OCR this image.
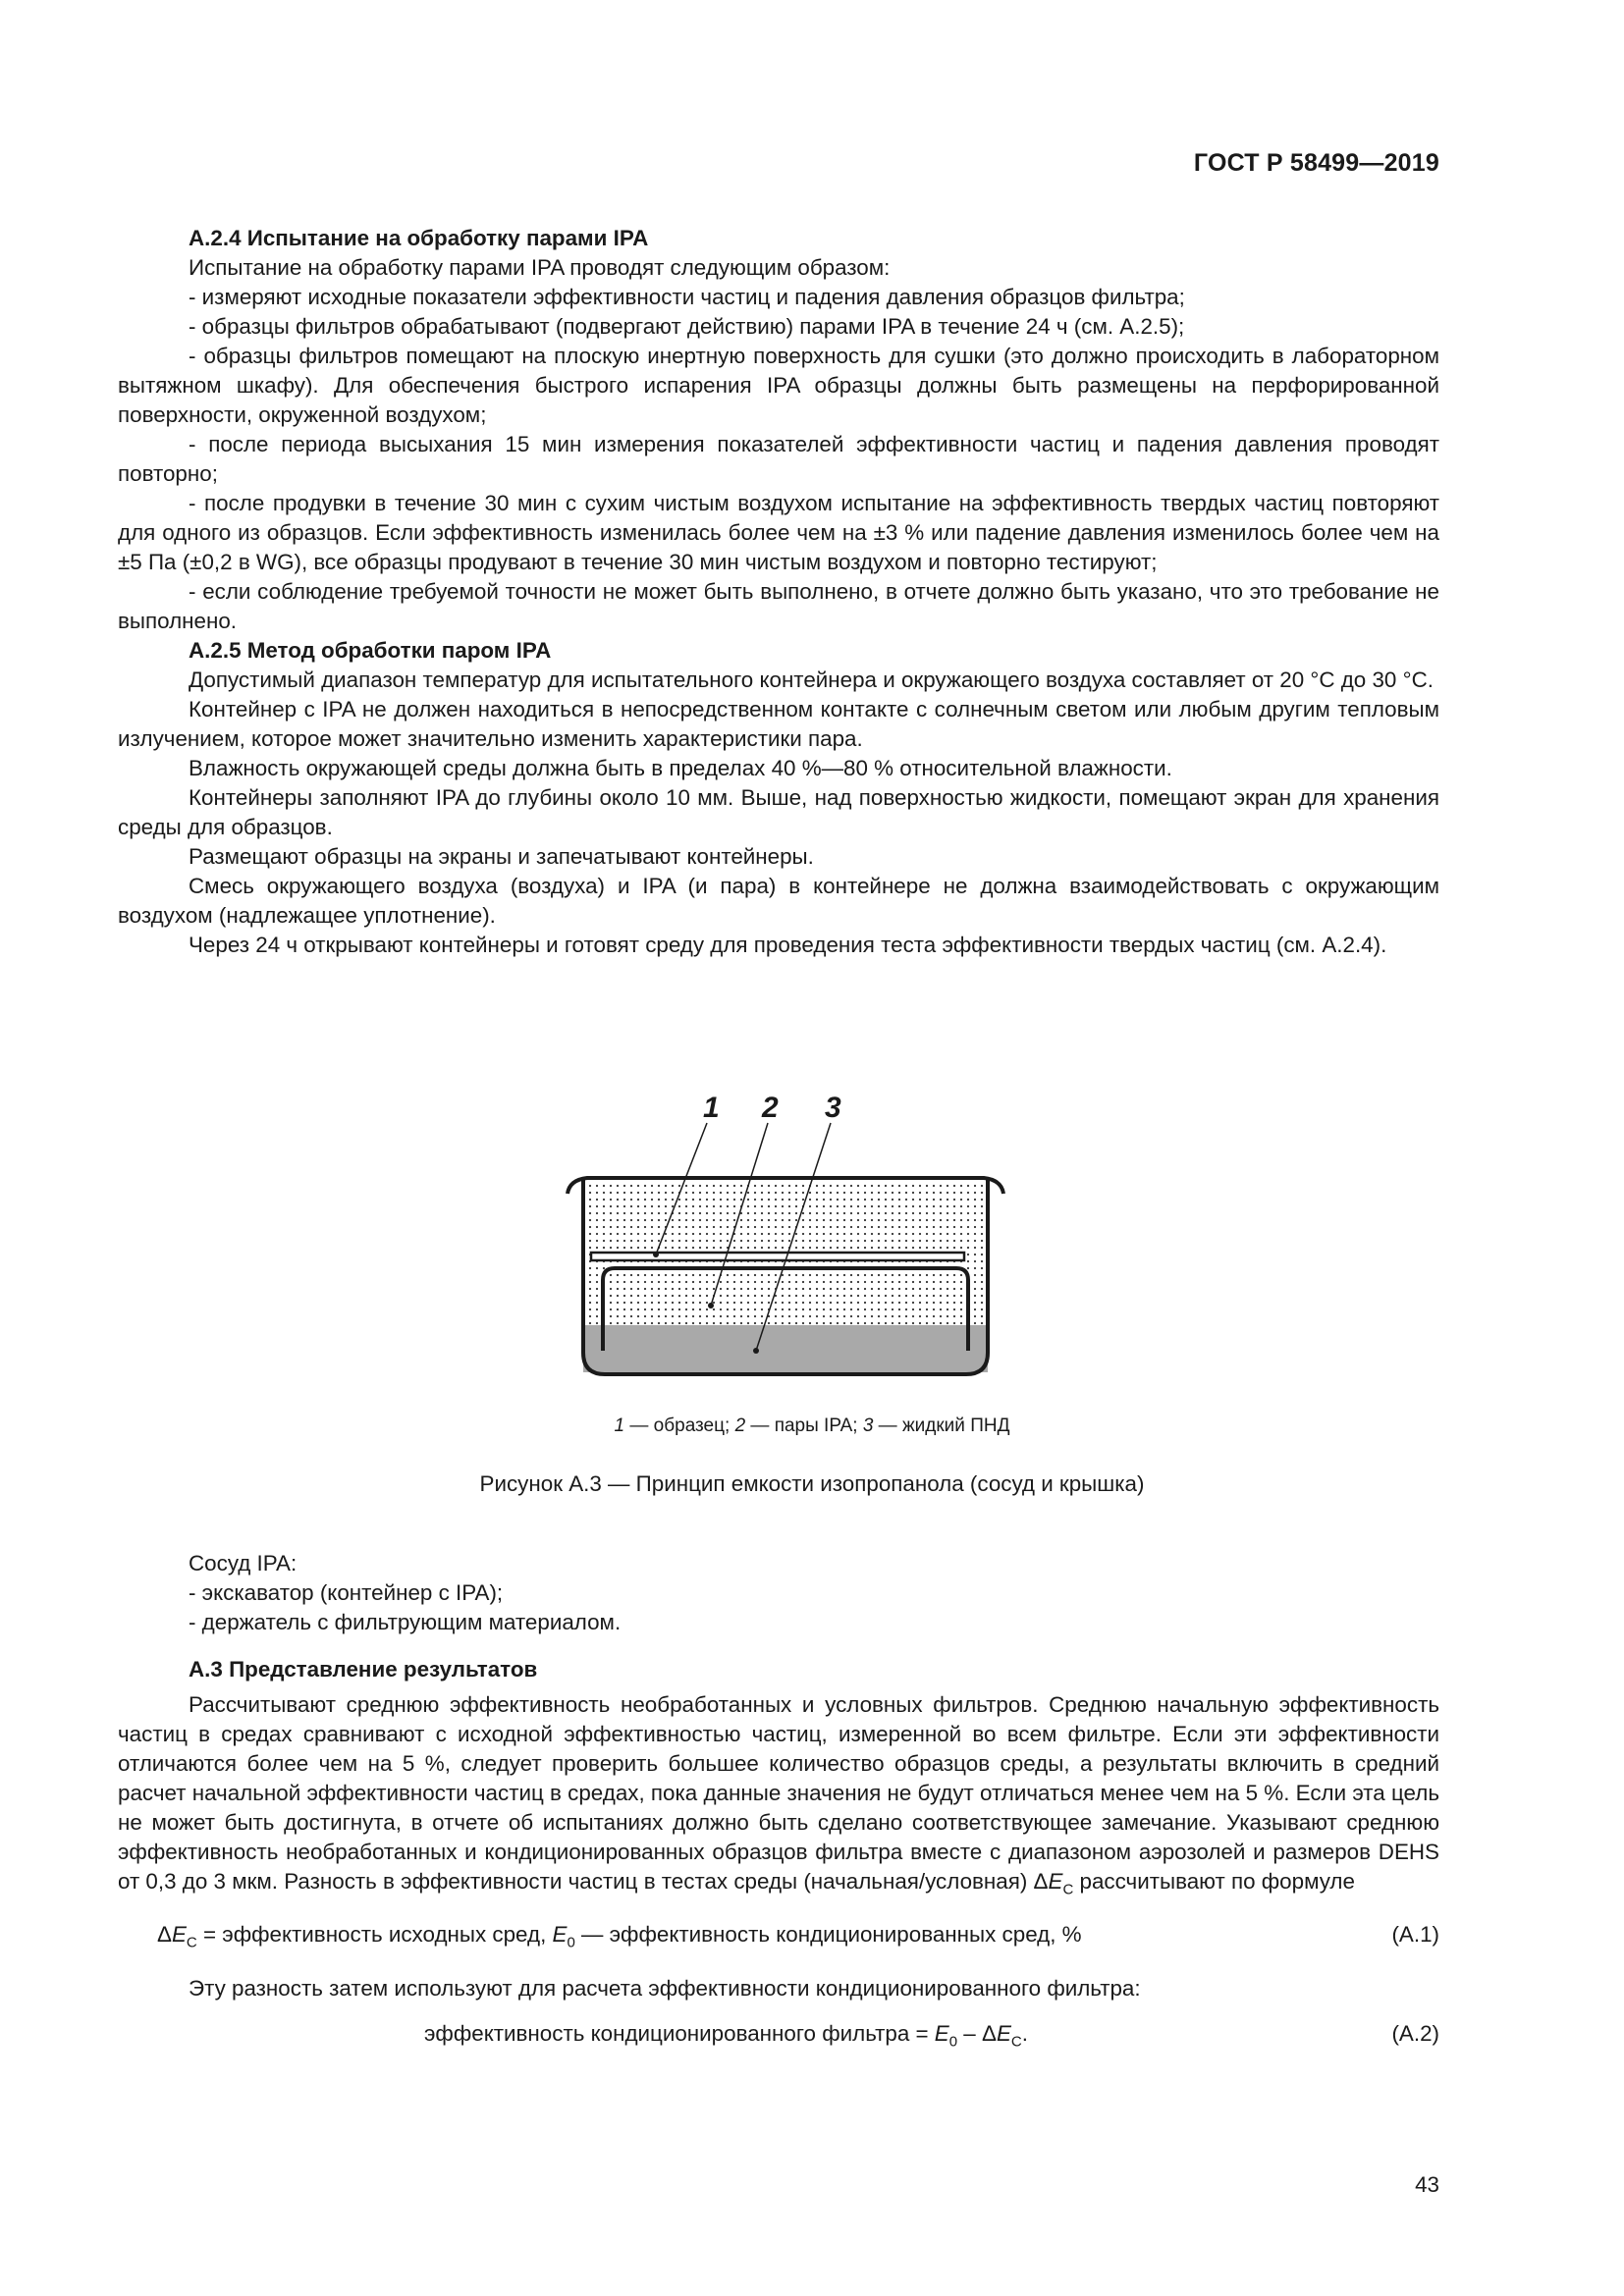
ГОСТ Р 58499—2019

А.2.4 Испытание на обработку парами IPA

Испытание на обработку парами IPA проводят следующим образом:

- измеряют исходные показатели эффективности частиц и падения давления образцов фильтра;

- образцы фильтров обрабатывают (подвергают действию) парами IPA в течение 24 ч (см. А.2.5);

- образцы фильтров помещают на плоскую инертную поверхность для сушки (это должно происходить в лабораторном вытяжном шкафу). Для обеспечения быстрого испарения IPA образцы должны быть размещены на перфорированной поверхности, окруженной воздухом;

- после периода высыхания 15 мин измерения показателей эффективности частиц и падения давления проводят повторно;

- после продувки в течение 30 мин с сухим чистым воздухом испытание на эффективность твердых частиц повторяют для одного из образцов. Если эффективность изменилась более чем на ±3 % или падение давления изменилось более чем на ±5 Па (±0,2 в WG), все образцы продувают в течение 30 мин чистым воздухом и повторно тестируют;

- если соблюдение требуемой точности не может быть выполнено, в отчете должно быть указано, что это требование не выполнено.

А.2.5 Метод обработки паром IPA

Допустимый диапазон температур для испытательного контейнера и окружающего воздуха составляет от 20 °С до 30 °С.

Контейнер с IPA не должен находиться в непосредственном контакте с солнечным светом или любым другим тепловым излучением, которое может значительно изменить характеристики пара.

Влажность окружающей среды должна быть в пределах 40 %—80 % относительной влажности.

Контейнеры заполняют IPA до глубины около 10 мм. Выше, над поверхностью жидкости, помещают экран для хранения среды для образцов.

Размещают образцы на экраны и запечатывают контейнеры.

Смесь окружающего воздуха (воздуха) и IPA (и пара) в контейнере не должна взаимодействовать с окружающим воздухом (надлежащее уплотнение).

Через 24 ч открывают контейнеры и готовят среду для проведения теста эффективности твердых частиц (см. А.2.4).

1 2 3
1 — образец; 2 — пары IPA; 3 — жидкий ПНД
Рисунок А.3 — Принцип емкости изопропанола (сосуд и крышка)

Сосуд IPA:

- экскаватор (контейнер с IPA);

- держатель с фильтрующим материалом.

А.3 Представление результатов

Рассчитывают среднюю эффективность необработанных и условных фильтров. Среднюю начальную эффективность частиц в средах сравнивают с исходной эффективностью частиц, измеренной во всем фильтре. Если эти эффективности отличаются более чем на 5 %, следует проверить большее количество образцов среды, а результаты включить в средний расчет начальной эффективности частиц в средах, пока данные значения не будут отличаться менее чем на 5 %. Если эта цель не может быть достигнута, в отчете об испытаниях должно быть сделано соответствующее замечание. Указывают среднюю эффективность необработанных и кондиционированных образцов фильтра вместе с диапазоном аэрозолей и размеров DEHS от 0,3 до 3 мкм. Разность в эффективности частиц в тестах среды (начальная/условная) $\Delta E_C$ рассчитывают по формуле

$\Delta E_C$ = эффективность исходных сред, $E_0$ — эффективность кондиционированных сред, %	(А.1)

Эту разность затем используют для расчета эффективности кондиционированного фильтра:

эффективность кондиционированного фильтра = $E_0 - \Delta E_C$.	(А.2)
43
